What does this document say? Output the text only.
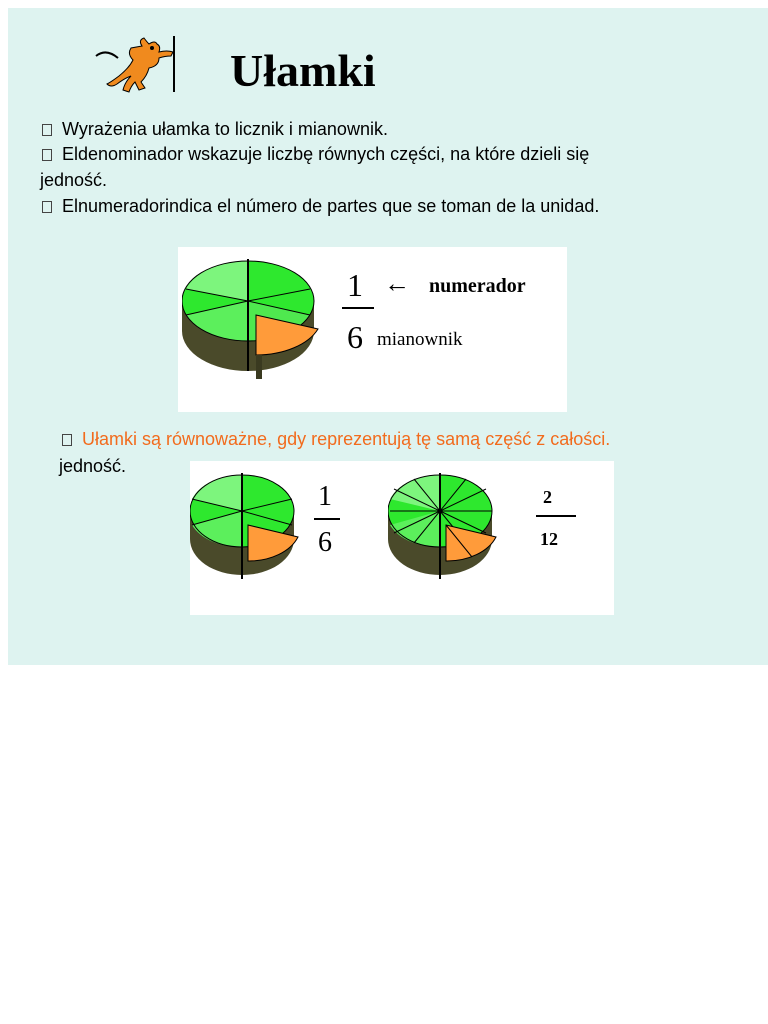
Ułamki
Wyrażenia ułamka to licznik i mianownik.
Eldenominador wskazuje liczbę równych części, na które dzieli się
jedność.
Elnumeradorindica el número de partes que se toman de la unidad.
1
6
← numerador
mianownik
Ułamki są równoważne, gdy reprezentują tę samą część z całości.
jedność.
1
6
2
12
